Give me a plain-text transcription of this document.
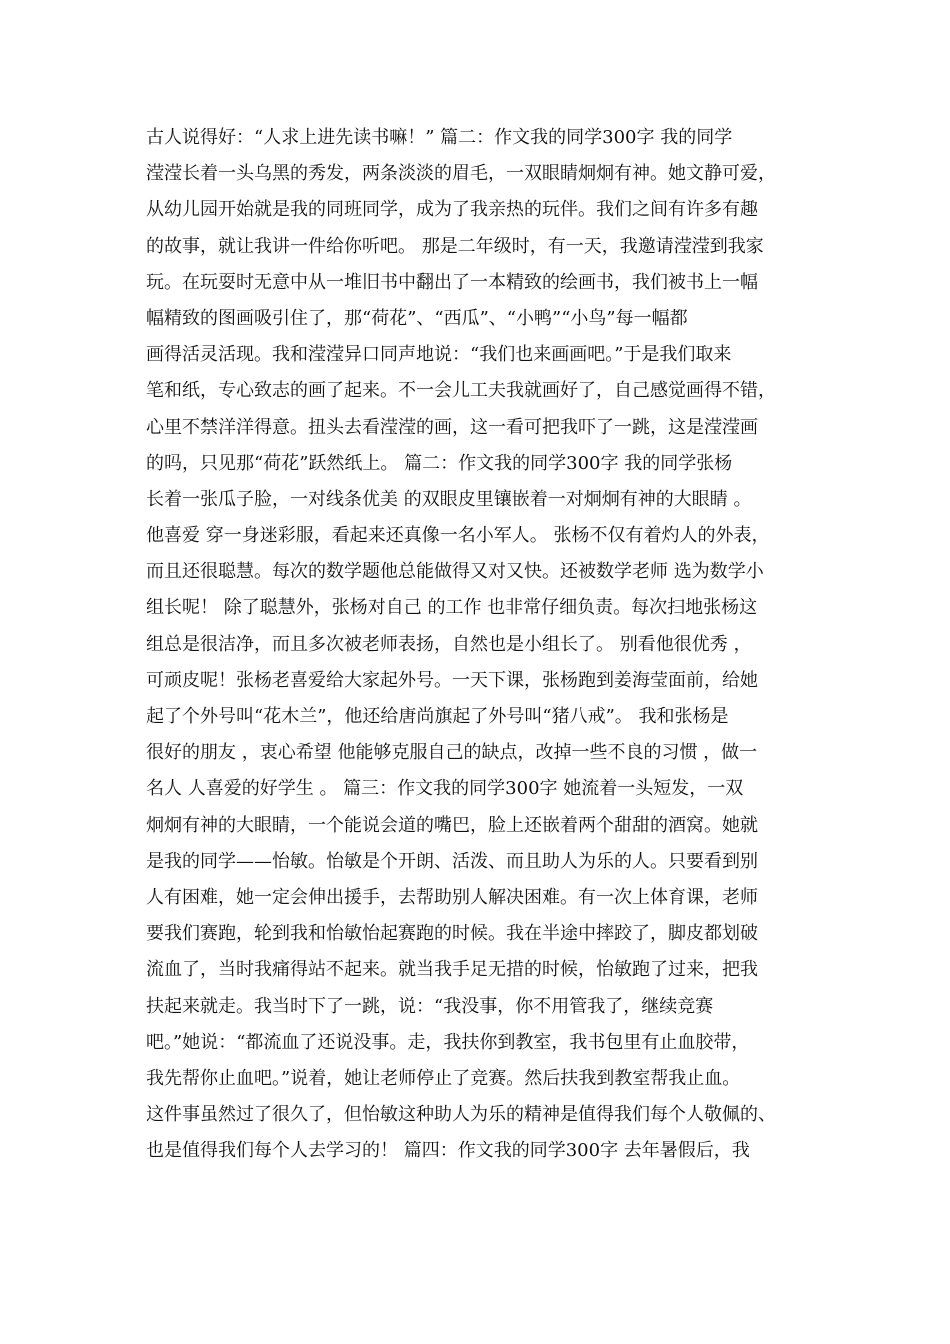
古人说得好：“人求上进先读书嘛！” 篇二：作文我的同学300字 我的同学
滢滢长着一头乌黑的秀发，两条淡淡的眉毛，一双眼睛炯炯有神。她文静可爱，
从幼儿园开始就是我的同班同学，成为了我亲热的玩伴。我们之间有许多有趣
的故事，就让我讲一件给你听吧。 那是二年级时，有一天，我邀请滢滢到我家
玩。在玩耍时无意中从一堆旧书中翻出了一本精致的绘画书，我们被书上一幅
幅精致的图画吸引住了，那“荷花”、“西瓜”、“小鸭”“小鸟”每一幅都
画得活灵活现。我和滢滢异口同声地说：“我们也来画画吧。”于是我们取来
笔和纸，专心致志的画了起来。不一会儿工夫我就画好了，自己感觉画得不错，
心里不禁洋洋得意。扭头去看滢滢的画，这一看可把我吓了一跳，这是滢滢画
的吗，只见那“荷花”跃然纸上。 篇二：作文我的同学300字 我的同学张杨
长着一张瓜子脸，一对线条优美 的双眼皮里镶嵌着一对炯炯有神的大眼睛 。
他喜爱 穿一身迷彩服，看起来还真像一名小军人。 张杨不仅有着灼人的外表，
而且还很聪慧。每次的数学题他总能做得又对又快。还被数学老师 选为数学小
组长呢！ 除了聪慧外，张杨对自己 的工作 也非常仔细负责。每次扫地张杨这
组总是很洁净，而且多次被老师表扬，自然也是小组长了。 别看他很优秀 ，
可顽皮呢！张杨老喜爱给大家起外号。一天下课，张杨跑到姜海莹面前，给她
起了个外号叫“花木兰”，他还给唐尚旗起了外号叫“猪八戒”。 我和张杨是
很好的朋友 ，衷心希望 他能够克服自己的缺点，改掉一些不良的习惯 ，做一
名人 人喜爱的好学生 。 篇三：作文我的同学300字 她流着一头短发，一双
炯炯有神的大眼睛，一个能说会道的嘴巴，脸上还嵌着两个甜甜的酒窝。她就
是我的同学——怡敏。怡敏是个开朗、活泼、而且助人为乐的人。只要看到别
人有困难，她一定会伸出援手，去帮助别人解决困难。有一次上体育课，老师
要我们赛跑，轮到我和怡敏怡起赛跑的时候。我在半途中摔跤了，脚皮都划破
流血了，当时我痛得站不起来。就当我手足无措的时候，怡敏跑了过来，把我
扶起来就走。我当时下了一跳，说：“我没事，你不用管我了，继续竞赛
吧。”她说：“都流血了还说没事。走，我扶你到教室，我书包里有止血胶带，
我先帮你止血吧。”说着，她让老师停止了竞赛。然后扶我到教室帮我止血。
这件事虽然过了很久了，但怡敏这种助人为乐的精神是值得我们每个人敬佩的、
也是值得我们每个人去学习的！ 篇四：作文我的同学300字 去年暑假后，我
